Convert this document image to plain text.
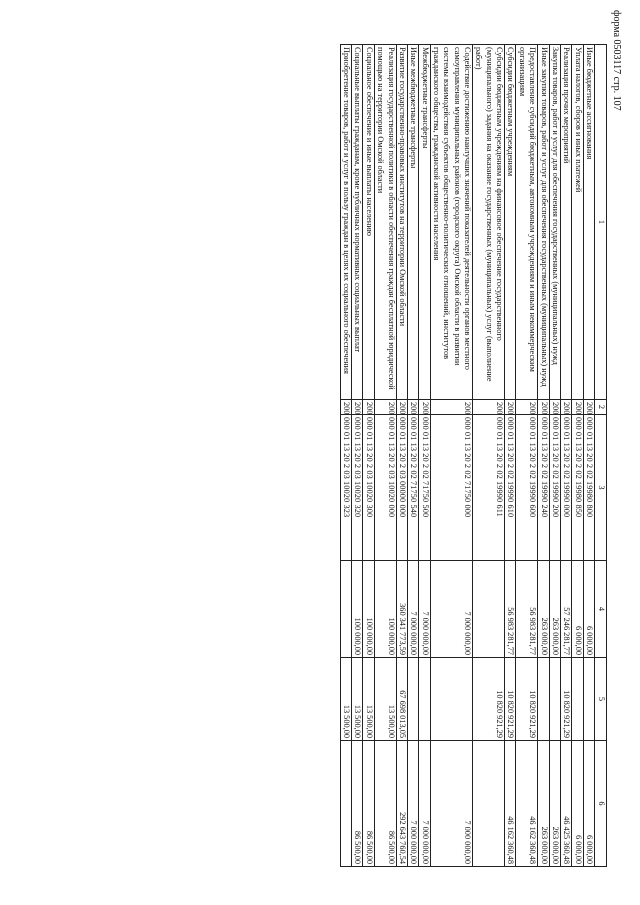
форма 0503117 стр. 107
1	2	3	4	5	6
Иные бюджетные ассигнования	200	000 01 13 20 2 02 19980 800	6 000,00		6 000,00
Уплата налогов, сборов и иных платежей	200	000 01 13 20 2 02 19980 850	6 000,00		6 000,00
Реализация прочих мероприятий	200	000 01 13 20 2 02 19990 000	57 246 281,77	10 820 921,29	46 425 360,48
Закупка товаров, работ и услуг для обеспечения государственных (муниципальных) нужд	200	000 01 13 20 2 02 19990 200	263 000,00		263 000,00
Иные закупки товаров, работ и услуг для обеспечения государственных (муниципальных) нужд	200	000 01 13 20 2 02 19990 240	263 000,00		263 000,00
Предоставление субсидий бюджетным, автономным учреждениям и иным некоммерческим организациям	200	000 01 13 20 2 02 19990 600	56 983 281,77	10 820 921,29	46 162 360,48
Субсидии бюджетным учреждениям	200	000 01 13 20 2 02 19990 610	56 983 281,77	10 820 921,29	46 162 360,48
Субсидии бюджетным учреждениям на финансовое обеспечение государственного (муниципального) задания на оказание государственных (муниципальных) услуг (выполнение работ)	200	000 01 13 20 2 02 19990 611		10 820 921,29	
Содействие достижению наилучших значений показателей деятельности органов местного самоуправления муниципальных районов (городского округа) Омской области в развитии системы взаимодействия субъектов общественно-политических отношений, институтов гражданского общества, гражданской активности населения	200	000 01 13 20 2 02 71750 000	7 000 000,00		7 000 000,00
Межбюджетные трансферты	200	000 01 13 20 2 02 71750 500	7 000 000,00		7 000 000,00
Иные межбюджетные трансферты	200	000 01 13 20 2 02 71750 540	7 000 000,00		7 000 000,00
Развитие государственно-правовых институтов на территории Омской области	200	000 01 13 20 2 03 00000 000	360 341 773,59	67 698 013,05	292 643 760,54
Реализация государственной политики в области обеспечения граждан бесплатной юридической помощью на территории Омской области	200	000 01 13 20 2 03 10020 000	100 000,00	13 500,00	86 500,00
Социальное обеспечение и иные выплаты населению	200	000 01 13 20 2 03 10020 300	100 000,00	13 500,00	86 500,00
Социальные выплаты гражданам, кроме публичных нормативных социальных выплат	200	000 01 13 20 2 03 10020 320	100 000,00	13 500,00	86 500,00
Приобретение товаров, работ и услуг в пользу граждан в целях их социального обеспечения	200	000 01 13 20 2 03 10020 323		13 500,00	
